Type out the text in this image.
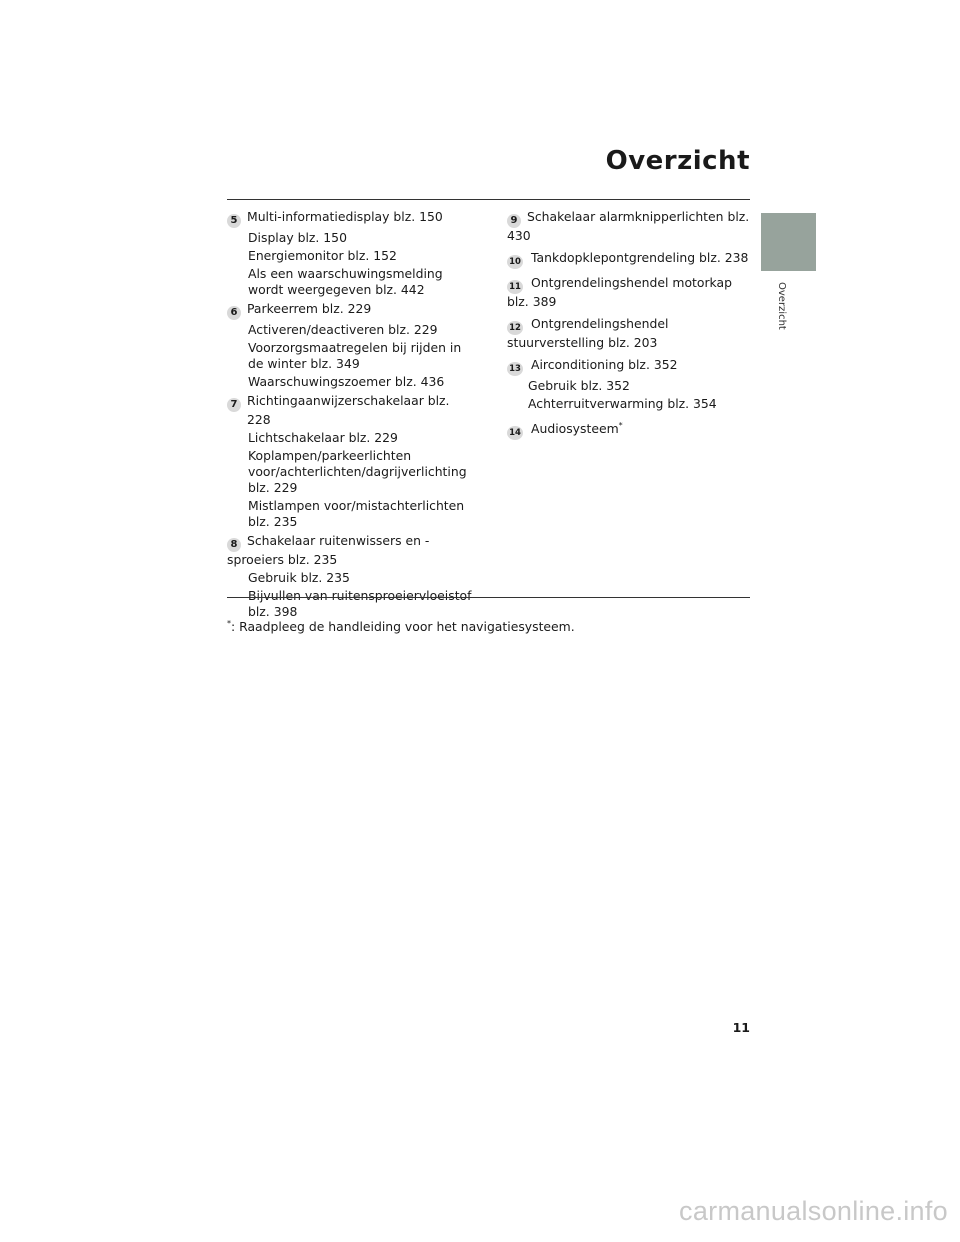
Overzicht
Overzicht
5 Multi-informatiedisplay blz. 150
Display blz. 150
Energiemonitor blz. 152
Als een waarschuwingsmelding wordt weergegeven blz. 442
6 Parkeerrem blz. 229
Activeren/deactiveren blz. 229
Voorzorgsmaatregelen bij rijden in de winter blz. 349
Waarschuwingszoemer blz. 436
7 Richtingaanwijzerschakelaar blz. 228
Lichtschakelaar blz. 229
Koplampen/parkeerlichten voor/achterlichten/dagrijverlichting blz. 229
Mistlampen voor/mistachterlichten blz. 235
8 Schakelaar ruitenwissers en -sproeiers blz. 235
Gebruik blz. 235
Bijvullen van ruitensproeiervloeistof blz. 398
9 Schakelaar alarmknipperlichten blz. 430
10 Tankdopklepontgrendeling blz. 238
11 Ontgrendelingshendel motorkap blz. 389
12 Ontgrendelingshendel stuurverstelling blz. 203
13 Airconditioning blz. 352
Gebruik blz. 352
Achterruitverwarming blz. 354
14 Audiosysteem*
*: Raadpleeg de handleiding voor het navigatiesysteem.
11
carmanualsonline.info
